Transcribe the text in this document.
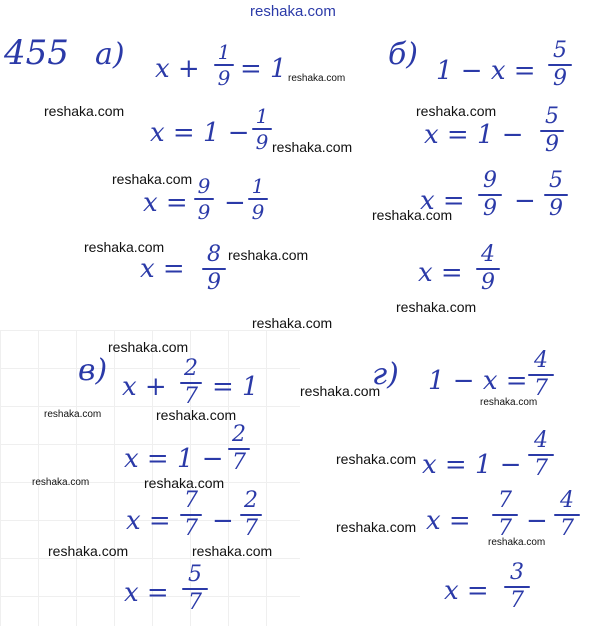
reshaka.com
455 а) x +
1
9 = 1
x = 1 −
1
9
x =
9
9 −
1
9
x = 8
9
б) 1 − x =
5
9
x = 1 −
5
9
x =
9
9 −
5
9
x =
4
9
в) x +
2
7 = 1
x = 1 −
2
7
x =
7
7 −
2
7
x =
5
7
г) 1 − x =
4
7
x = 1 −
4
7
x =
7
7 −
4
7
x =
3
7
reshaka.com
reshaka.com	reshaka.com
reshaka.com
reshaka.com
reshaka.com
reshaka.com	reshaka.com
reshaka.com
reshaka.com
reshaka.com
reshaka.com
reshaka.com
reshaka.com	reshaka.com
reshaka.com
reshaka.com	reshaka.com
reshaka.com
reshaka.com
reshaka.com	reshaka.com
